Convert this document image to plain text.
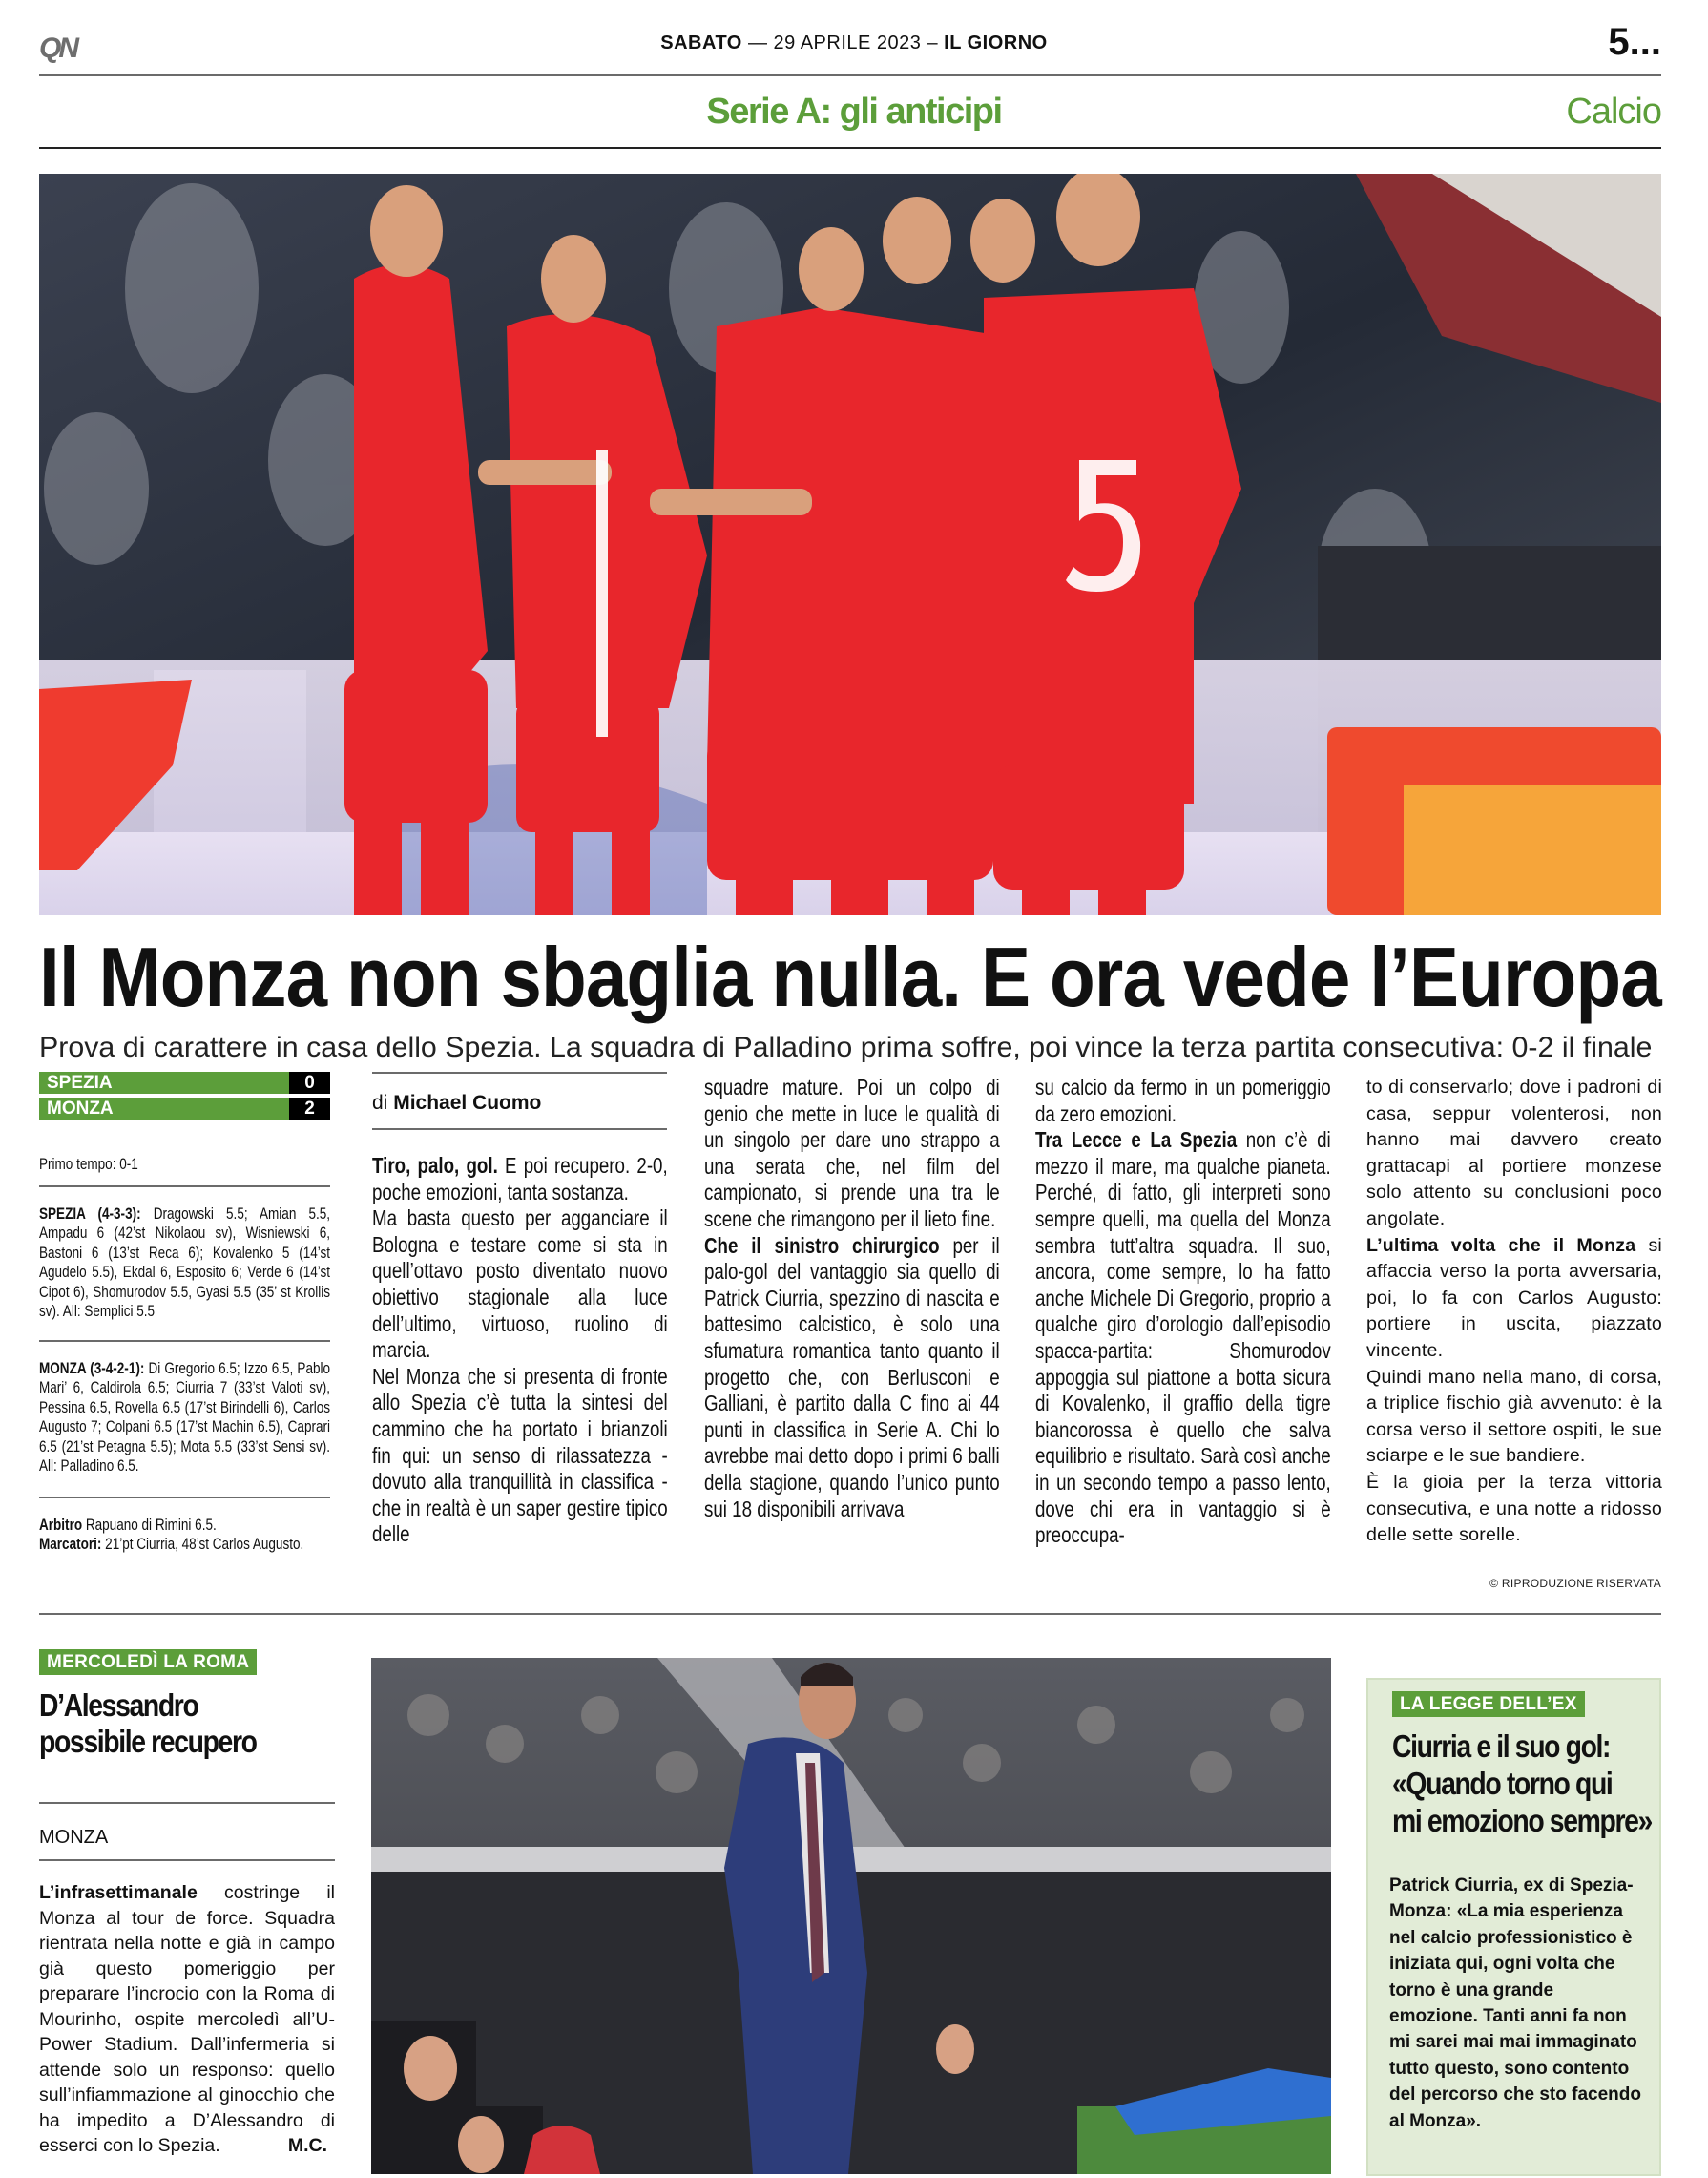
QN	SABATO — 29 APRILE 2023 – IL GIORNO	5...
Serie A: gli anticipi	Calcio
Il Monza non sbaglia nulla. E ora vede l’Europa
Prova di carattere in casa dello Spezia. La squadra di Palladino prima soffre, poi vince la terza partita consecutiva: 0-2 il finale
SPEZIA	0
MONZA	2
Primo tempo: 0-1
SPEZIA (4-3-3): Dragowski 5.5; Amian 5.5, Ampadu 6 (42’st Nikolaou sv), Wisniewski 6, Bastoni 6 (13’st Reca 6); Kovalenko 5 (14’st Agudelo 5.5), Ekdal 6, Esposito 6; Verde 6 (14’st Cipot 6), Shomurodov 5.5, Gyasi 5.5 (35’ st Krollis sv). All: Semplici 5.5
MONZA (3-4-2-1): Di Gregorio 6.5; Izzo 6.5, Pablo Mari’ 6, Caldirola 6.5; Ciurria 7 (33’st Valoti sv), Pessina 6.5, Rovella 6.5 (17’st Birindelli 6), Carlos Augusto 7; Colpani 6.5 (17’st Machin 6.5), Caprari 6.5 (21’st Petagna 5.5); Mota 5.5 (33’st Sensi sv). All: Palladino 6.5.
Arbitro Rapuano di Rimini 6.5.
Marcatori: 21’pt Ciurria, 48’st Carlos Augusto.
di Michael Cuomo

Tiro, palo, gol. E poi recupero. 2-0, poche emozioni, tanta sostanza.

Ma basta questo per agganciare il Bologna e testare come si sta in quell’ottavo posto diventato nuovo obiettivo stagionale alla luce dell’ultimo, virtuoso, ruolino di marcia.

Nel Monza che si presenta di fronte allo Spezia c’è tutta la sintesi del cammino che ha portato i brianzoli fin qui: un senso di rilassatezza - dovuto alla tranquillità in classifica - che in realtà è un saper gestire tipico delle

squadre mature. Poi un colpo di genio che mette in luce le qualità di un singolo per dare uno strappo a una serata che, nel film del campionato, si prende una tra le scene che rimangono per il lieto fine.

Che il sinistro chirurgico per il palo-gol del vantaggio sia quello di Patrick Ciurria, spezzino di nascita e battesimo calcistico, è solo una sfumatura romantica tanto quanto il progetto che, con Berlusconi e Galliani, è partito dalla C fino ai 44 punti in classifica in Serie A. Chi lo avrebbe mai detto dopo i primi 6 balli della stagione, quando l’unico punto sui 18 disponibili arrivava

su calcio da fermo in un pomeriggio da zero emozioni.

Tra Lecce e La Spezia non c’è di mezzo il mare, ma qualche pianeta. Perché, di fatto, gli interpreti sono sempre quelli, ma quella del Monza sembra tutt’altra squadra. Il suo, ancora, come sempre, lo ha fatto anche Michele Di Gregorio, proprio a qualche giro d’orologio dall’episodio spacca-partita: Shomurodov appoggia sul piattone a botta sicura di Kovalenko, il graffio della tigre biancorossa è quello che salva equilibrio e risultato. Sarà così anche in un secondo tempo a passo lento, dove chi era in vantaggio si è preoccupa-

to di conservarlo; dove i padroni di casa, seppur volenterosi, non hanno mai davvero creato grattacapi al portiere monzese solo attento su conclusioni poco angolate.

L’ultima volta che il Monza si affaccia verso la porta avversaria, poi, lo fa con Carlos Augusto: portiere in uscita, piazzato vincente.

Quindi mano nella mano, di corsa, a triplice fischio già avvenuto: è la corsa verso il settore ospiti, le sue sciarpe e le sue bandiere.

È la gioia per la terza vittoria consecutiva, e una notte a ridosso delle sette sorelle.

© RIPRODUZIONE RISERVATA
MERCOLEDÌ LA ROMA
D’Alessandro
possibile recupero
MONZA
L’infrasettimanale costringe il Monza al tour de force. Squadra rientrata nella notte e già in campo già questo pomeriggio per preparare l’incrocio con la Roma di Mourinho, ospite mercoledì all’U-Power Stadium. Dall’infermeria si attende solo un responso: quello sull’infiammazione al ginocchio che ha impedito a D’Alessandro di esserci con lo Spezia.	M.C.
LA LEGGE DELL’EX
Ciurria e il suo gol:
«Quando torno qui
mi emoziono sempre»
Patrick Ciurria, ex di Spezia-Monza: «La mia esperienza nel calcio professionistico è iniziata qui, ogni volta che torno è una grande emozione. Tanti anni fa non mi sarei mai mai immaginato tutto questo, sono contento del percorso che sto facendo al Monza».
